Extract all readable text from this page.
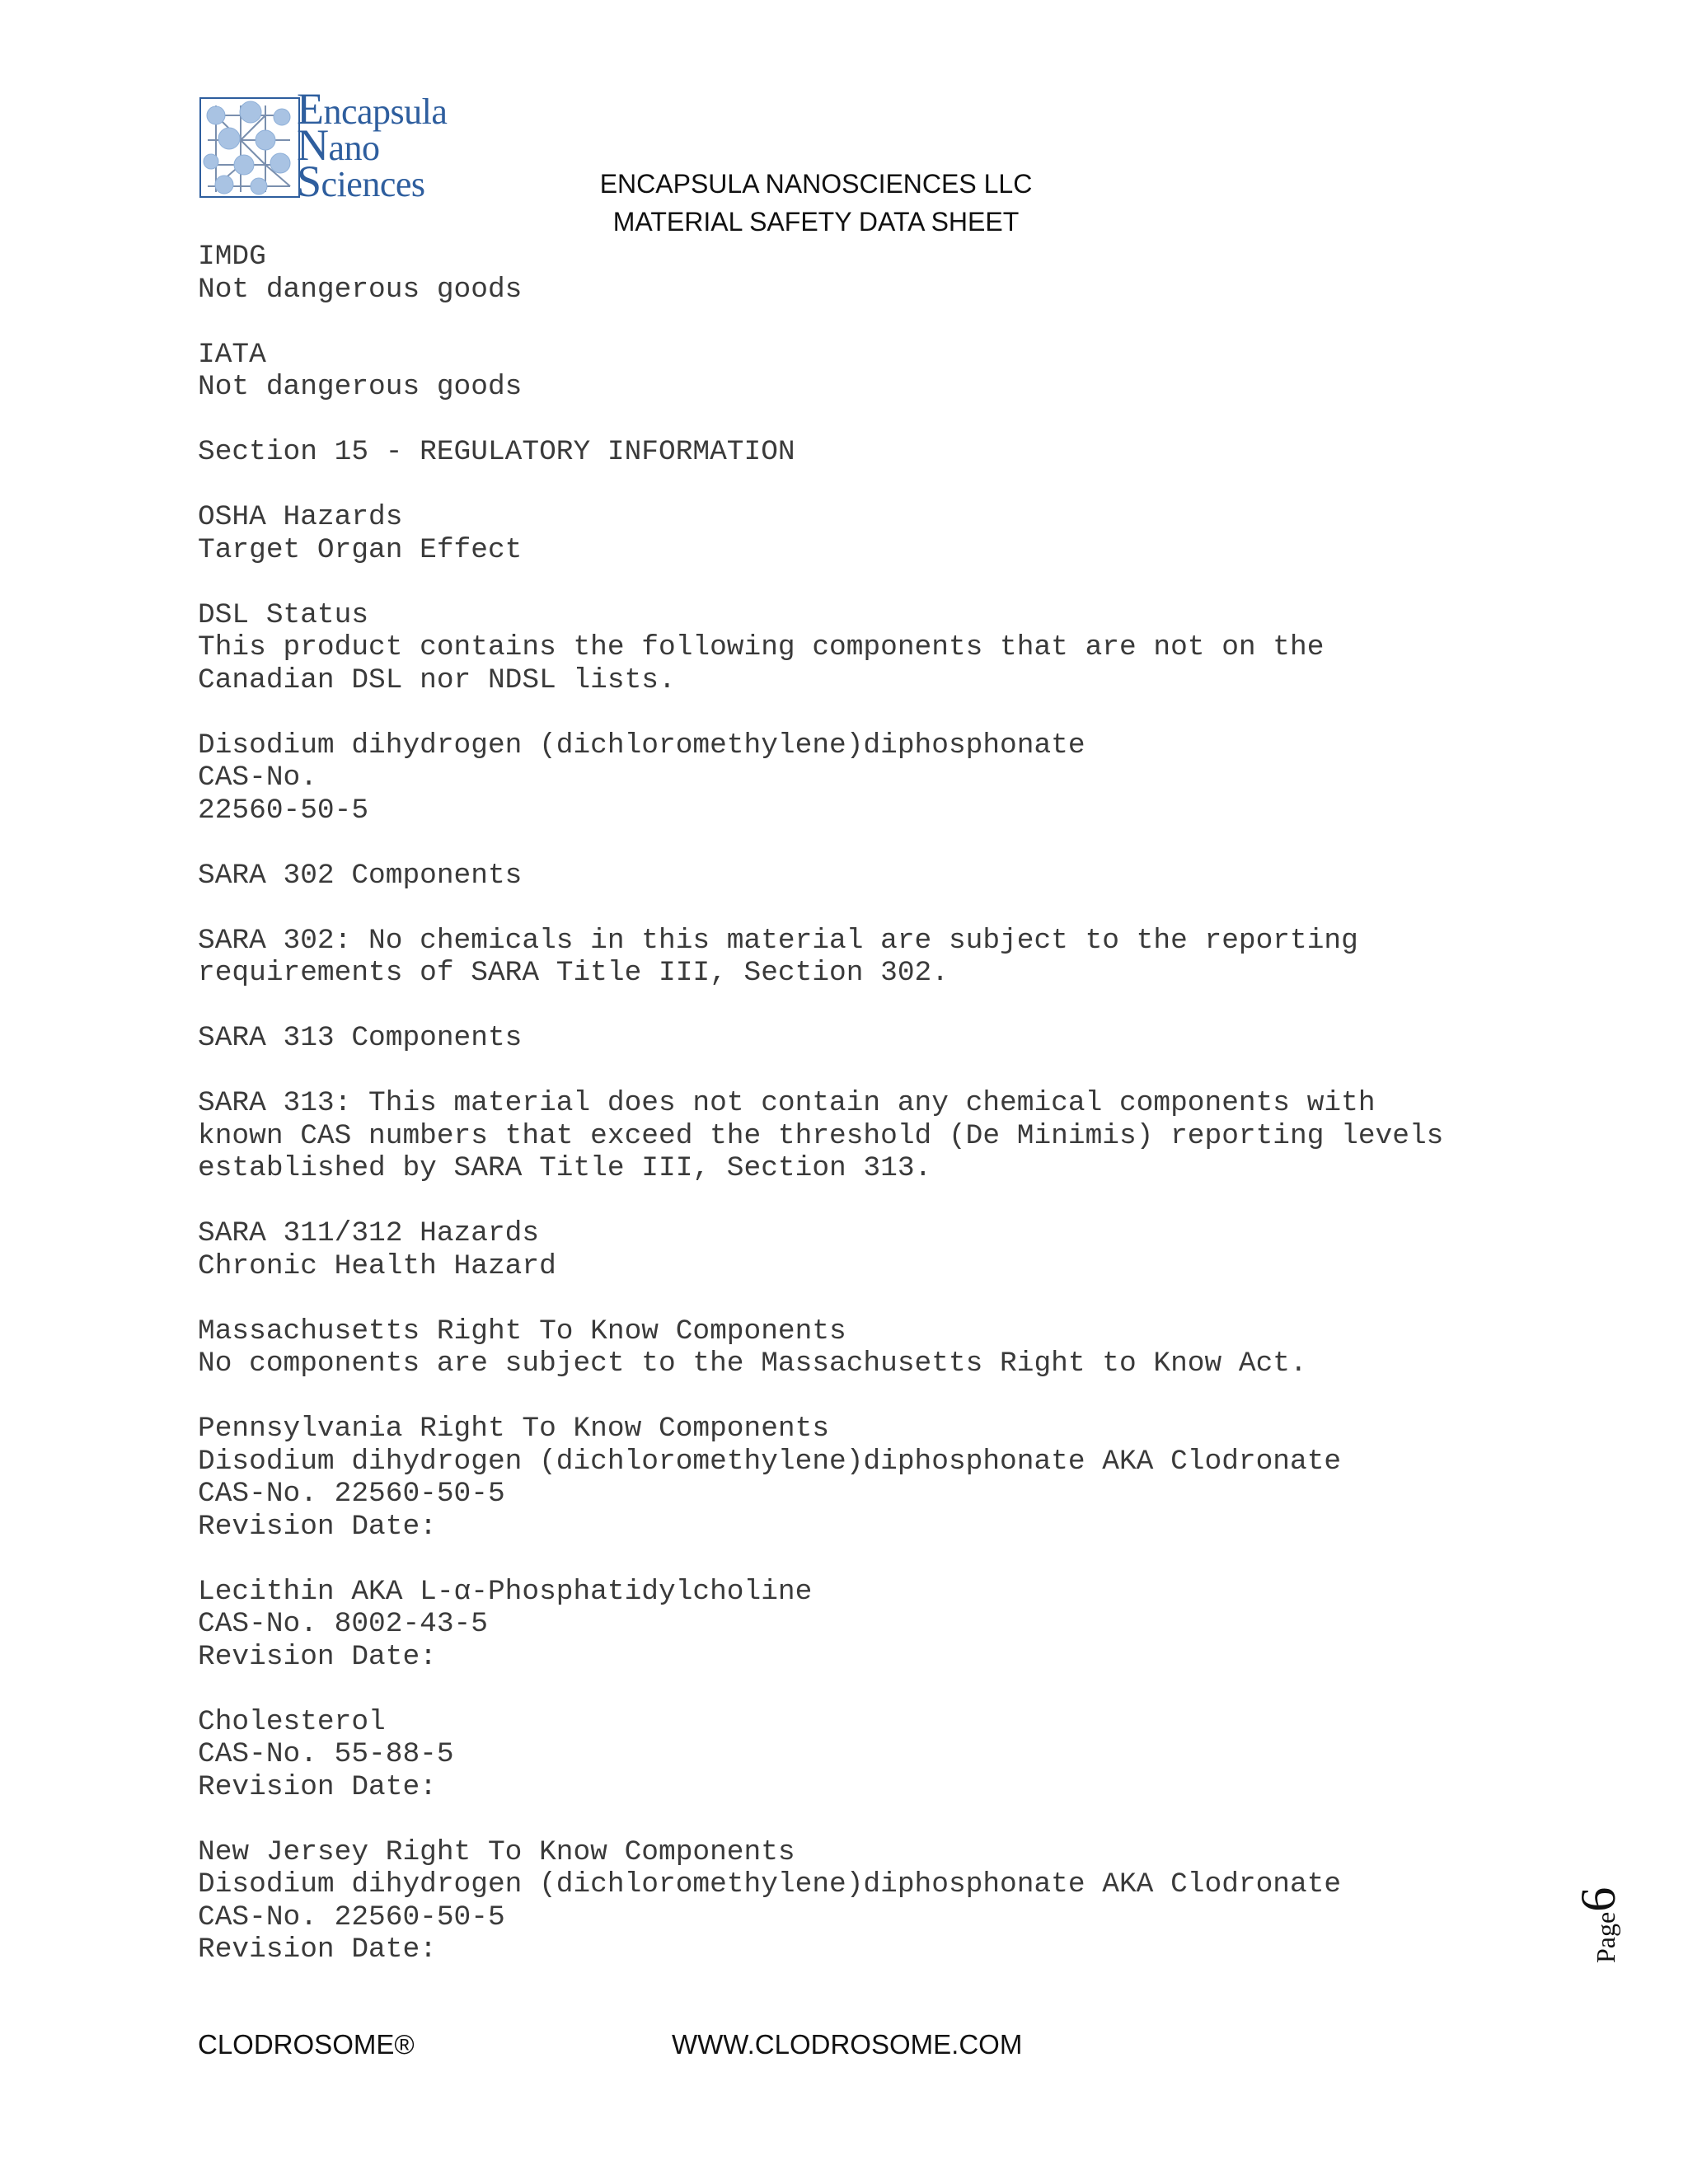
Encapsula
Nano
Sciences	ENCAPSULA NANOSCIENCES LLC
MATERIAL SAFETY DATA SHEET
IMDG
Not dangerous goods
IATA
Not dangerous goods
Section 15 - REGULATORY INFORMATION
OSHA Hazards
Target Organ Effect
DSL Status
This product contains the following components that are not on the
Canadian DSL nor NDSL lists.
Disodium dihydrogen (dichloromethylene)diphosphonate
CAS-No.
22560-50-5
SARA 302 Components
SARA 302: No chemicals in this material are subject to the reporting
requirements of SARA Title III, Section 302.
SARA 313 Components
SARA 313: This material does not contain any chemical components with
known CAS numbers that exceed the threshold (De Minimis) reporting levels
established by SARA Title III, Section 313.
SARA 311/312 Hazards
Chronic Health Hazard
Massachusetts Right To Know Components
No components are subject to the Massachusetts Right to Know Act.
Pennsylvania Right To Know Components
Disodium dihydrogen (dichloromethylene)diphosphonate AKA Clodronate
CAS-No. 22560-50-5
Revision Date:
Lecithin AKA L-α-Phosphatidylcholine
CAS-No. 8002-43-5
Revision Date:
Cholesterol
CAS-No. 55-88-5
Revision Date:
New Jersey Right To Know Components
Disodium dihydrogen (dichloromethylene)diphosphonate AKA Clodronate
CAS-No. 22560-50-5
Revision Date:	Page6
CLODROSOME®	WWW.CLODROSOME.COM
